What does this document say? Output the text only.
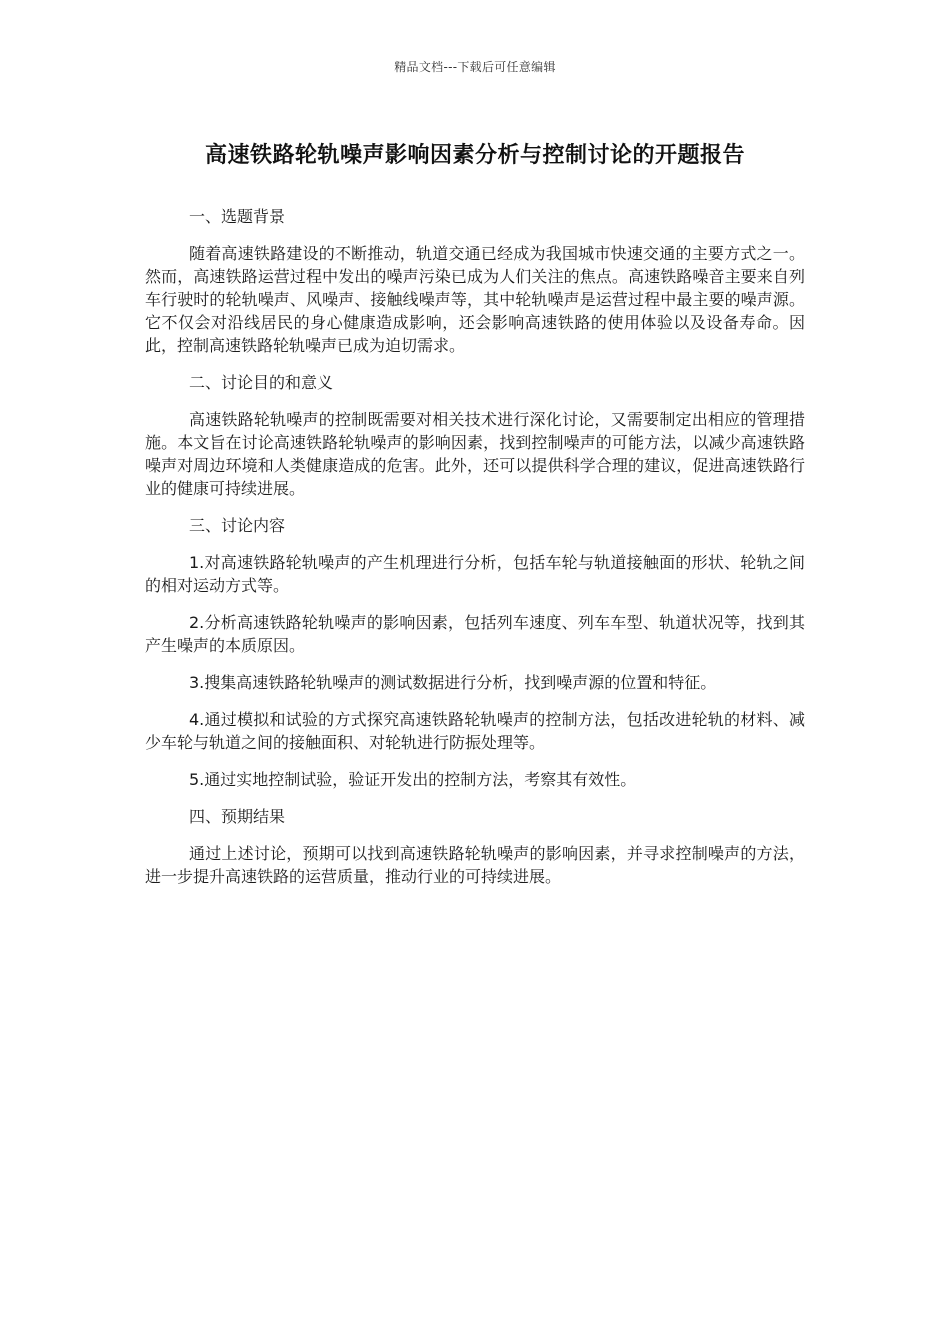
精品文档---下载后可任意编辑
高速铁路轮轨噪声影响因素分析与控制讨论的开题报告
一、选题背景
随着高速铁路建设的不断推动，轨道交通已经成为我国城市快速交通的主要方式之一。然而，高速铁路运营过程中发出的噪声污染已成为人们关注的焦点。高速铁路噪音主要来自列车行驶时的轮轨噪声、风噪声、接触线噪声等，其中轮轨噪声是运营过程中最主要的噪声源。它不仅会对沿线居民的身心健康造成影响，还会影响高速铁路的使用体验以及设备寿命。因此，控制高速铁路轮轨噪声已成为迫切需求。
二、讨论目的和意义
高速铁路轮轨噪声的控制既需要对相关技术进行深化讨论，又需要制定出相应的管理措施。本文旨在讨论高速铁路轮轨噪声的影响因素，找到控制噪声的可能方法，以减少高速铁路噪声对周边环境和人类健康造成的危害。此外，还可以提供科学合理的建议，促进高速铁路行业的健康可持续进展。
三、讨论内容
1.对高速铁路轮轨噪声的产生机理进行分析，包括车轮与轨道接触面的形状、轮轨之间的相对运动方式等。
2.分析高速铁路轮轨噪声的影响因素，包括列车速度、列车车型、轨道状况等，找到其产生噪声的本质原因。
3.搜集高速铁路轮轨噪声的测试数据进行分析，找到噪声源的位置和特征。
4.通过模拟和试验的方式探究高速铁路轮轨噪声的控制方法，包括改进轮轨的材料、减少车轮与轨道之间的接触面积、对轮轨进行防振处理等。
5.通过实地控制试验，验证开发出的控制方法，考察其有效性。
四、预期结果
通过上述讨论，预期可以找到高速铁路轮轨噪声的影响因素，并寻求控制噪声的方法，进一步提升高速铁路的运营质量，推动行业的可持续进展。
